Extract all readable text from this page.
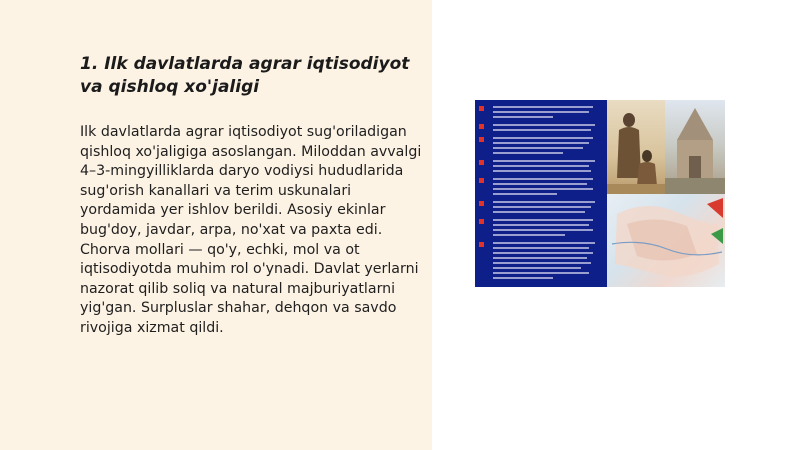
1. Ilk davlatlarda agrar iqtisodiyot va qishloq xo'jaligi

Ilk davlatlarda agrar iqtisodiyot sug'oriladigan qishloq xo'jaligiga asoslangan. Miloddan avvalgi 4–3-mingyilliklarda daryo vodiysi hududlarida sug'orish kanallari va terim uskunalari yordamida yer ishlov berildi. Asosiy ekinlar bug'doy, javdar, arpa, no'xat va paxta edi. Chorva mollari — qo'y, echki, mol va ot iqtisodiyotda muhim rol o'ynadi. Davlat yerlarni nazorat qilib soliq va natural majburiyatlarni yig'gan. Surpluslar shahar, dehqon va savdo rivojiga xizmat qildi.
